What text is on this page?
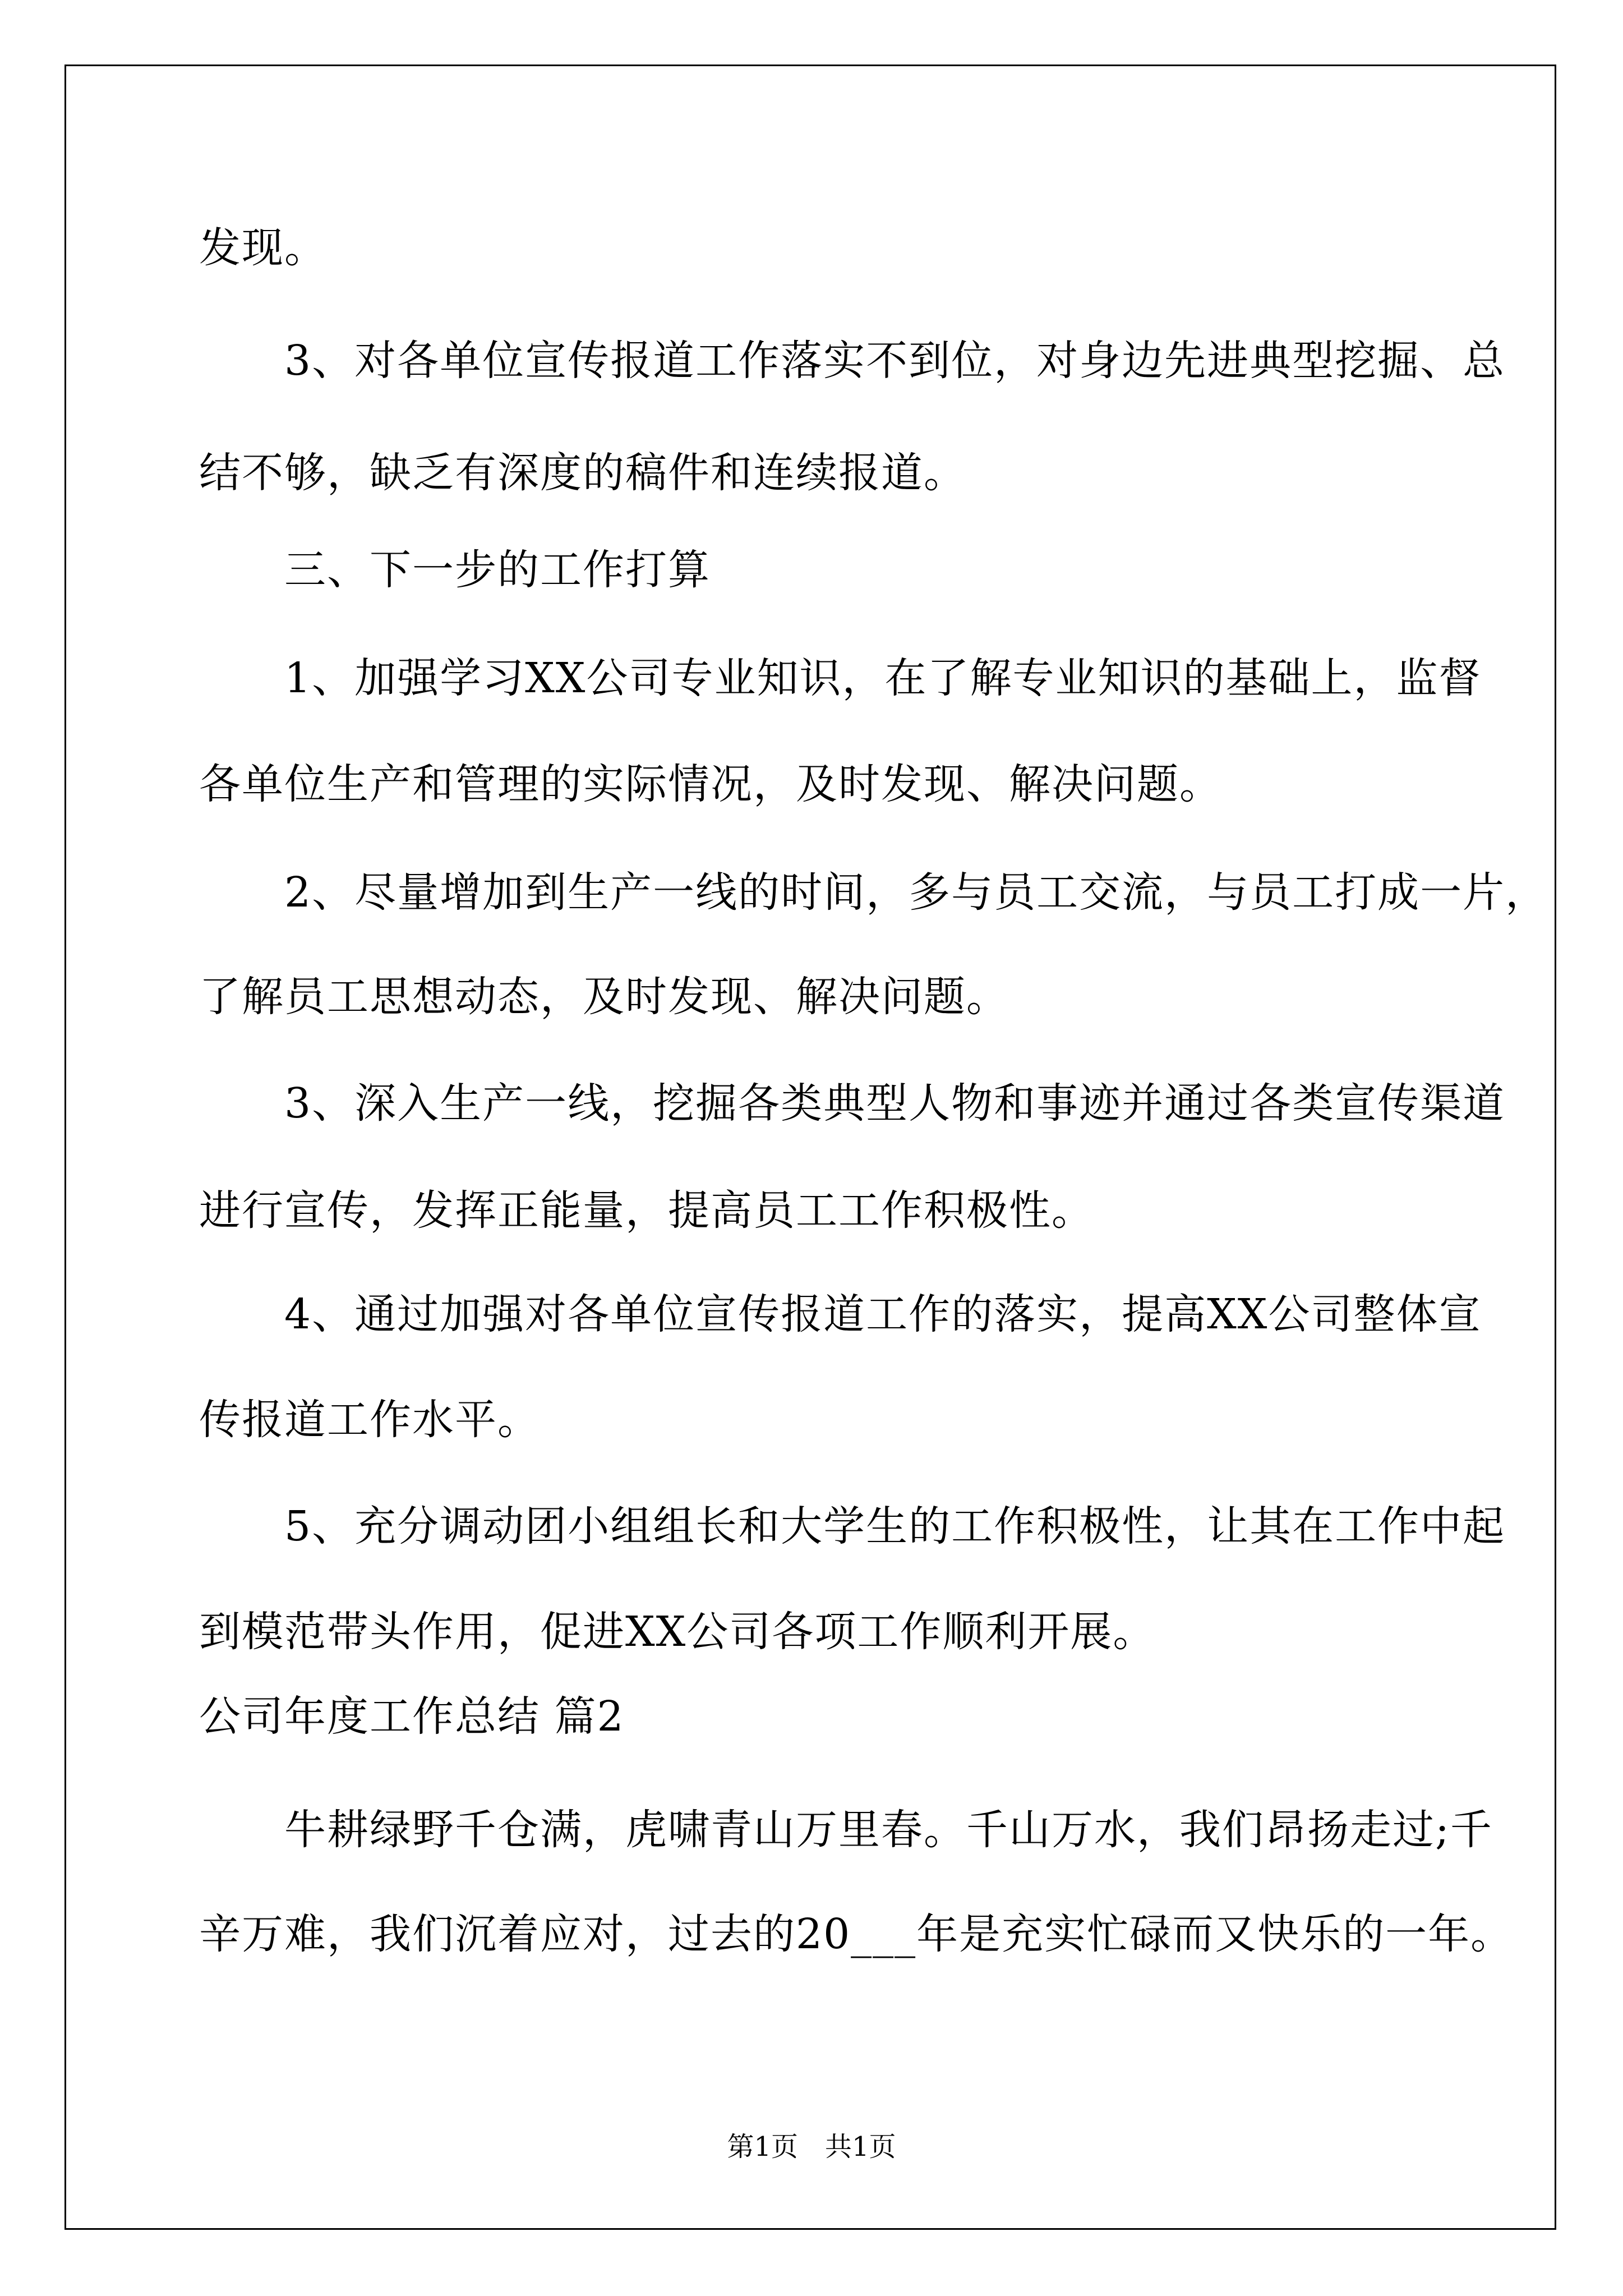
发现。
　　3、对各单位宣传报道工作落实不到位，对身边先进典型挖掘、总
结不够，缺乏有深度的稿件和连续报道。
　　三、下一步的工作打算
　　1、加强学习XX公司专业知识，在了解专业知识的基础上，监督
各单位生产和管理的实际情况，及时发现、解决问题。
　　2、尽量增加到生产一线的时间，多与员工交流，与员工打成一片，
了解员工思想动态，及时发现、解决问题。
　　3、深入生产一线，挖掘各类典型人物和事迹并通过各类宣传渠道
进行宣传，发挥正能量，提高员工工作积极性。
　　4、通过加强对各单位宣传报道工作的落实，提高XX公司整体宣
传报道工作水平。
　　5、充分调动团小组组长和大学生的工作积极性，让其在工作中起
到模范带头作用，促进XX公司各项工作顺利开展。
公司年度工作总结 篇2
　　牛耕绿野千仓满，虎啸青山万里春。千山万水，我们昂扬走过;千
辛万难，我们沉着应对，过去的20___年是充实忙碌而又快乐的一年。
第1页　共1页
